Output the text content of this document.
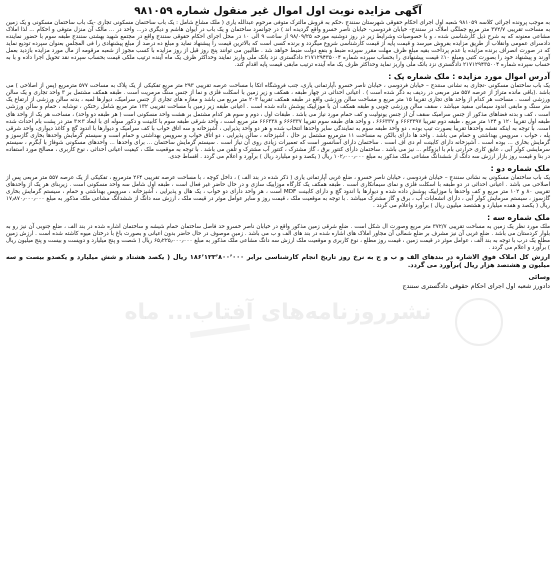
آگهی مزایده نوبت اول اموال غیر منقول شماره ۹۸۱۰۵۹
به موجب پرونده اجرائی کلاسه ۹۸۱۰۵۹ شعبه اول اجرای احکام حقوقی شهرستان سنندج ،حکم به فروش مالترک متوفی مرحوم عبدالله یاری ( ملک مشاع شامل : یک باب ساختمان مسکونی تجاری -یک باب ساختمان مسکونی و یک زمین به مساحت تقریبی ۳۷۲/۷ متر مربع جملگی املاک در سنندج- خیابان فردوسی- خیابان ناصر خسرو واقع گردیده اند ) در جوانمرد ساختمان و یک باب در ایوان هاشم و دیگری در... واحد در ... مالک آن منزل متوفی و احکام ... لذا املاک مشاعی معنونه که به شرح ذیل کارشناسی شده ، و با خصوصیات وشرایط زیر در روز دوشنبه مورخه ۹۸/۰۹/۲۵ از ساعت ۹ الی ۱۰ در محل اجرای احکام حقوقی سنندج واقع در مجتمع شهید بهشتی سنندج طبقه سوم با حضور نماینده دادسرای عمومی وانقلاب از طریق مزایده بفروش میرسد و قیمت پایه از قیمت کارشناسی شروع میگردد و برنده کسی است که بالاترین قیمت را پیشنهاد نماید و مبلغ ده درصد از مبلغ پیشنهادی را فی المجلس بعنوان سپرده تودیع نماید که در صورت انصراف برنده مزایده یا عدم پرداخت بقیه مبلغ ظرف مهلت مقرر سپرده ضبط و بنفع دولت ضبط خواهد شد . طالبین می توانند پنج روز قبل از روز مزایده با کسب مجوز از شعبه مرقومه از مال مورد مزایده بازدید بعمل آورند و پیشنهاد خود را بصورت کتبی ومبلغ ۱۰٪ قیمت پیشنهادی را بحساب سپرده شماره ۲۱۷۱۲۹۴۳۵۰۰۴ دادگستری نزد بانک ملی واریز نمایند وحداکثر ظرف یک ماه آینده ترتیب ملکی قیمت بحساب سپرده نقد تحویل اجرا داده و با به حساب سپرده شماره ۲۱۷۱۲۹۴۳۵۰۰۴ دادگستری نزد بانک ملی واریز نماید وحداکثر ظرف یک ماه آینده ترتیب مابقی قیمت پایه اقدام کند.
آدرس اموال مورد مزایده : ملک شماره یک :
یک باب ساختمان مسکونی -تجاری به نشانی سنندج – خیابان فردوسی ، خیابان ناصر خسرو ،آپارتمانی یاری، جنب فروشگاه اتکا با مساحت عرصه تقریبی ۲۹۳ متر مربع تفکیکی از یک پلاک به مساحت ۵۷۷ مترمربع (پس از اصلاحی ) می باشد .(باقی مانده متراژ از عرصه ۵۵۷ متر مربعی در ردیف به دگر شده است ) . اعیانی احداثی در چهار طبقه ، همکف و زیر زمین با اسکلت فلزی و نما از جنس سنگ مرمریت است . طبقه همکف مشتمل بر ۳ واحد تجاری و یک سالن ورزشی است . مساحت هر کدام از واحد های تجاری تقریبا ۱۵ متر مربع و مساحت سالن ورزشی واقع در طبقه همکف تقریبا ۲۰۳ متر مربع می باشد و مغازه های تجاری از جنس سرامیک، دیوارها لمبه ، بدنه سالن ورزشی از ارتفاع یک متر سنگ و مابقی اندود سیمانی سفید میباشد ، سقف سالن ورزشی چوبی و طبقه همکف آن با موزاییک پوشش داده شده است . اعیانی طبقه زیر زمین با مساحت تقریبی ۱۳۲ متر مربع شامل رختکن ، نوشابه ، حمام و سالن ورزشی است ، کف و بدنه فضاهای مذکور از جنس سرامیک سقف آن از جنس یونولیت و کف حمام مورد نیاز می باشد . طبقات اول ، دوم و سوم هر کدام مشتمل بر هشت واحد مسکونی است ( هر طبقه دو واحد) ، مساحت هر یک از واحد های طبقه اول تقریبا ۱۲۰ و ۱۲۴ متر مربع ، طبقه دوم تقریبا ۶۶۶۳۳۹۷ و ۶۶۶۳۳۷ ، و واحد های طبقه سوم تقریبا ۶۶۶۳۳۷ و ۶۶۶۳۳۸ متر مربع است ، واحد شرقی طبقه سوم با کابینت و دکور سوله ای با ابعاد ۳×۳ متر در پشت بام احداث شده است. با توجه به اینکه نقشه واحدها تقریبا بصورت تیپ بوده ، دو واحد طبقه سوم به نمایندگی سایر واحدها انتخاب شده و هر دو واحد پذیرایی ، آشپزخانه و سه اتاق خواب با کف سرامیک و دیوارها با اندود گچ و کاغذ دیواری، واحد شرقی پله ، خواب ، سرویس بهداشتی و حمام می باشد . واحد ها دارای بالکن به مساحت ۱۱ مترمربع مشتمل بر حال ، آشپزخانه ، سالن پذیرایی ، دو اتاق خواب و سرویس بهداشتی و حمام است و سیستم گرمایش واحدها بخاری گازسوز و گرمایش بخاری ... بوده است . آشپزخانه دارای کابینت ام دی اف است . ساختمان دارای آسانسور است که تعمیرات زیادی روی آن نیاز است . سیستم گرمایش ساختمان ... برای واحدها ... واحدهای مسکونی شوفاژ با آبگرم ، سیستم سرمایشی کولر آبی ، عایق کاری حرارتی بام با ایزوگام ... نیز می باشد . ساختمان دارای کنتور برق ، گاز مشترک ، کنتور آب مشترک و تلفن می باشد . با توجه به موقعیت ملک ، کیفیت اعیانی احداثی ، نوع کاربری ، مصالح مورد استفاده در بنا و قیمت روز بازار ارزش سه دانگ از ششدانگ مشاعی ملک مذکور به مبلغ ۱۰۲٫۰۰۰٫۰۰۰ ریال ( یکصد و دو میلیارد ریال ) برآورد و اعلام می گردد . اقساط جدی.
ملک شماره دو :
یک باب ساختمان مسکونی به نشانی سنندج – خیابان فردوسی ، خیابان ناصر خسرو ، ضلع غربی آپارتمانی یاری ( ذکر شده در بند الف ) ، داخل کوچه ، با مساحت عرصه تقریبی ۲۶۴ مترمربع ، تفکیکی از یک عرصه ۵۵۷ متر مربعی پس از اصلاحی می باشد . اعیانی احداثی در دو طبقه با اسکلت فلزی و نمای سیمانکاری است . طبقه همکف یک کارگاه موزاییک سازی و در حال حاضر غیر فعال است ، طبقه اول شامل سه واحد مسکونی است . زیربنای هر یک از واحدهای تقریبی ۸۰ و ۱۰۲ متر مربع و کف واحدها با موزاییک پوشش داده شده و دیوارها با اندود گچ و دارای کابینت MDF است ، هر واحد دارای دو خواب ، یک هال و پذیرایی ، آشپزخانه ، سرویس بهداشتی و حمام ، سیستم گرمایش بخاری گازسوز ، سیستم سرمایش کولر آبی ، دارای انشعابات آب ، برق و گاز مشترک میباشد . با توجه به موقعیت ملک ، قیمت روز و سایر عوامل موثر در قیمت ملک ، ارزش سه دانگ از ششدانگ مشاعی ملک مذکور به مبلغ ۱۷٫۸۷۰٫۰۰۰٫۰۰۰ ریال ( یکصد و هفده میلیارد و هشتصد میلیون ریال ) برآورد واعلام می گردد .
ملک شماره سه :
ملک مورد نظر یک زمین به مساحت تقریبی ۳۷۲/۷ متر مربع وصورت ال شکل است . ضلع شرقی زمین مذکور واقع در خیابان ناصر خسرو حد فاصل ساختمان حمام شیشه و ساختمان اشاره شده در بند الف ، ضلع جنوبی آن نیز رو به بلوار کردستان می باشد . ضلع غربی آن نیز مشرف بر ضلع شمالی آن مجاور املاک های اشاره شده در بند های الف و ب می باشد . زمین موصوف در حال حاضر بدون اعیانی و بصورت باغ با درختان میوه کاشته شده است . ارزش زمین مطلع یک درب با توجه به بند الف ، عوامل موثر در قیمت زمین ، قیمت روز مطلع ، نوع کاربری و موقعیت ملک ارزش سه دانگ مشاعی ملک مذکور به مبلغ ۶۵٫۲۲۵٫۰۰۰٫۰۰۰ ریال ( شصت و پنج میلیارد و دویست و بیست و پنج میلیون ریال ) برآورد و اعلام می گردد .
ارزش کل املاک فوق الاشاره در بندهای الف و ب و ج به نرخ روز تاریخ انجام کارشناسی برابر ۱۸۶٬۱۲۳٬۸۰۰٬۰۰۰ ریال ( یکصد هشتاد و شش میلیارد و یکصدو بیست و سه میلیون و هشتصد هزار ریال )برآورد می گردد.
وسائی
دادورز شعبه اول اجرای احکام حقوقی دادگستری سنندج
نشرروزنامه‌های آفتاب... ماه
